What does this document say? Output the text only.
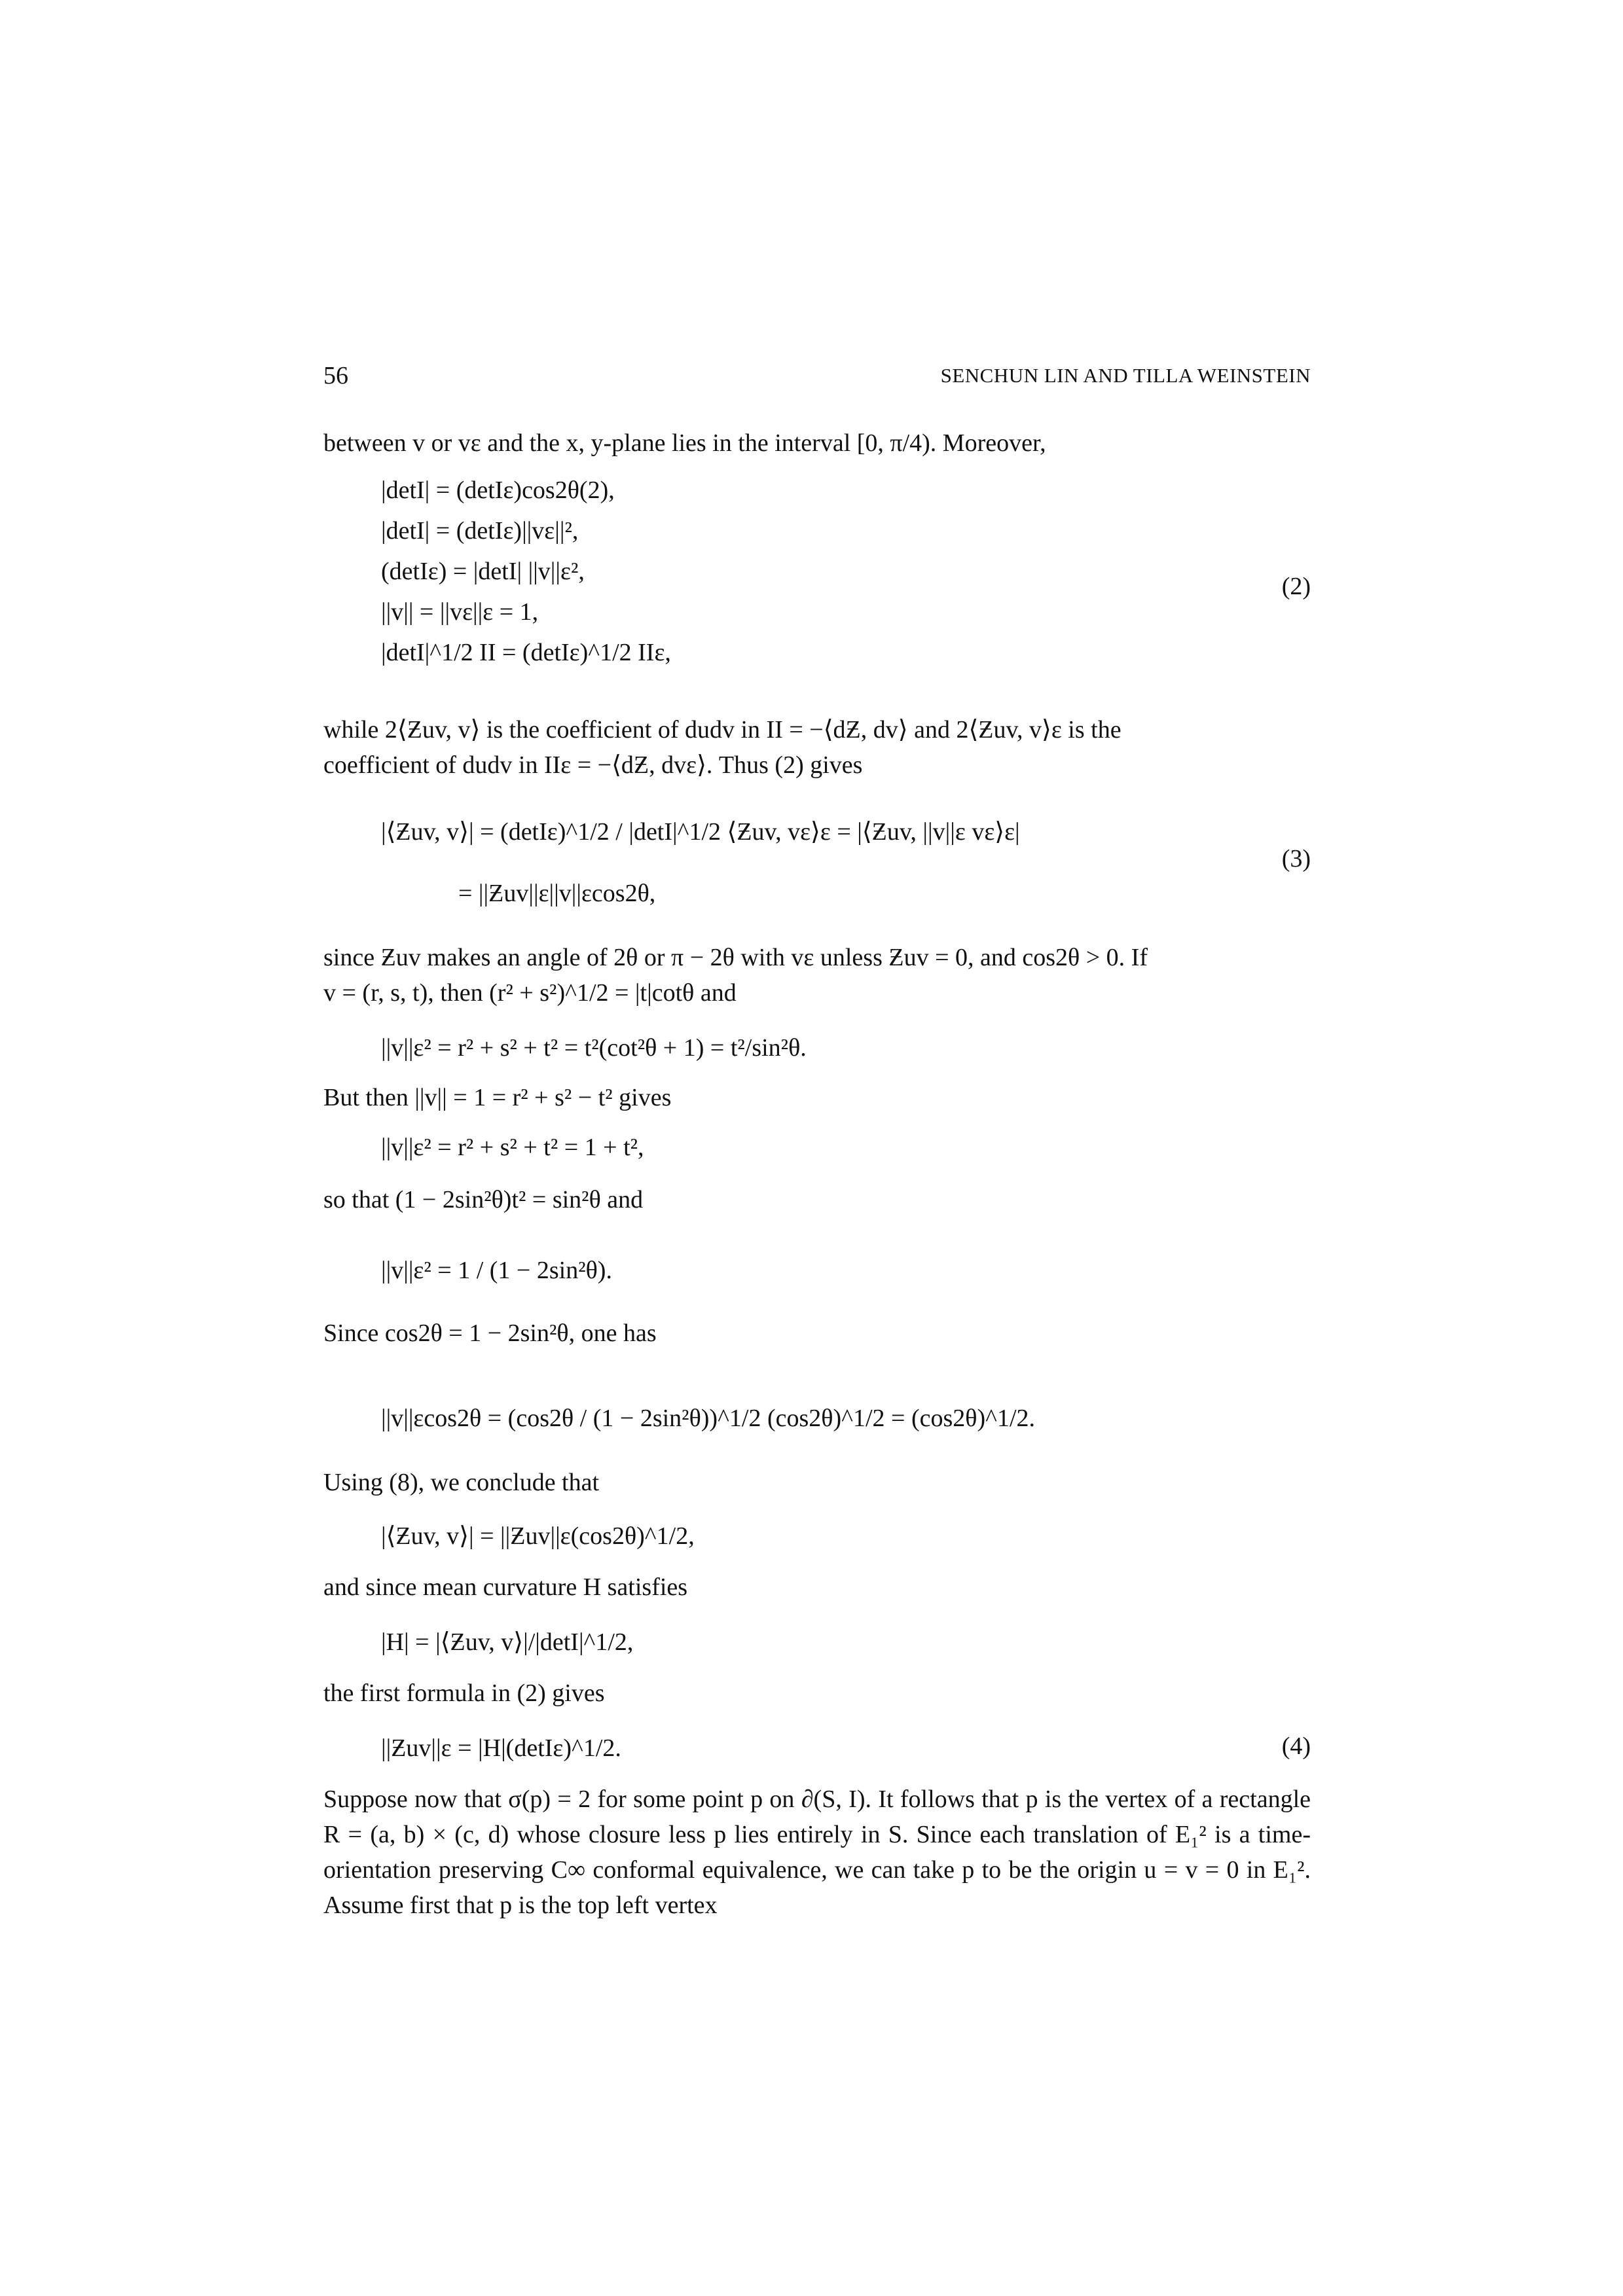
56	SENCHUN LIN AND TILLA WEINSTEIN
between v or vε and the x, y-plane lies in the interval [0, π/4). Moreover,
|detI| = (detIε)cos2θ(2),
|detI| = (detIε)||vε||²,
(detIε) = |detI| ||v||ε²,
||v|| = ||vε||ε = 1,
|detI|^1/2 II = (detIε)^1/2 IIε,
(2)
while 2⟨Ƶuv, v⟩ is the coefficient of dudv in II = −⟨dƵ, dv⟩ and 2⟨Ƶuv, v⟩ε is the
coefficient of dudv in IIε = −⟨dƵ, dvε⟩. Thus (2) gives
|⟨Ƶuv, v⟩| = (detIε)^1/2 / |detI|^1/2 ⟨Ƶuv, vε⟩ε = |⟨Ƶuv, ||v||ε vε⟩ε|
= ||Ƶuv||ε||v||εcos2θ,
(3)
since Ƶuv makes an angle of 2θ or π − 2θ with vε unless Ƶuv = 0, and cos2θ > 0. If
v = (r, s, t), then (r² + s²)^1/2 = |t|cotθ and
||v||ε² = r² + s² + t² = t²(cot²θ + 1) = t²/sin²θ.
But then ||v|| = 1 = r² + s² − t² gives
||v||ε² = r² + s² + t² = 1 + t²,
so that (1 − 2sin²θ)t² = sin²θ and
||v||ε² = 1 / (1 − 2sin²θ).
Since cos2θ = 1 − 2sin²θ, one has
||v||εcos2θ = (cos2θ / (1 − 2sin²θ))^1/2 (cos2θ)^1/2 = (cos2θ)^1/2.
Using (8), we conclude that
|⟨Ƶuv, v⟩| = ||Ƶuv||ε(cos2θ)^1/2,
and since mean curvature H satisfies
|H| = |⟨Ƶuv, v⟩|/|detI|^1/2,
the first formula in (2) gives
||Ƶuv||ε = |H|(detIε)^1/2.	(4)
Suppose now that σ(p) = 2 for some point p on ∂(S, I). It follows that p is the vertex of a rectangle R = (a, b) × (c, d) whose closure less p lies entirely in S. Since each translation of E₁² is a time-orientation preserving C∞ conformal equivalence, we can take p to be the origin u = v = 0 in E₁². Assume first that p is the top left vertex
